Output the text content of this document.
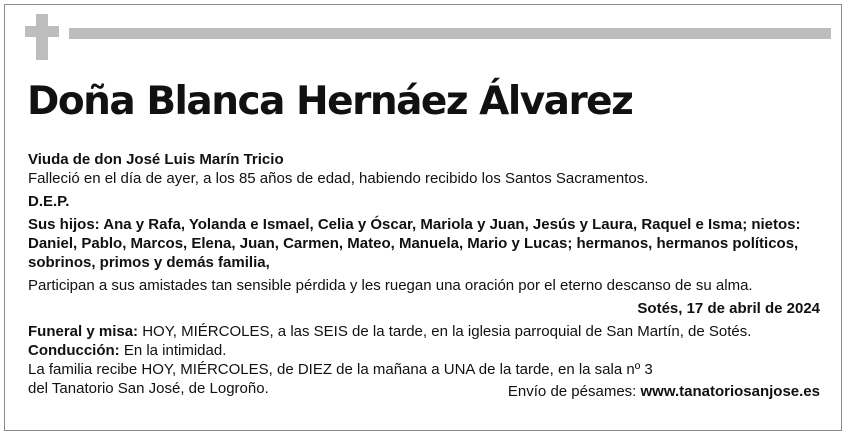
Doña Blanca Hernáez Álvarez

Viuda de don José Luis Marín Tricio

Falleció en el día de ayer, a los 85 años de edad, habiendo recibido los Santos Sacramentos.

D.E.P.

Sus hijos: Ana y Rafa, Yolanda e Ismael, Celia y Óscar, Mariola y Juan, Jesús y Laura, Raquel e Isma; nietos: Daniel, Pablo, Marcos, Elena, Juan, Carmen, Mateo, Manuela, Mario y Lucas; hermanos, hermanos políticos, sobrinos, primos y demás familia,

Participan a sus amistades tan sensible pérdida y les ruegan una oración por el eterno descanso de su alma.

Sotés, 17 de abril de 2024

Funeral y misa: HOY, MIÉRCOLES, a las SEIS de la tarde, en la iglesia parroquial de San Martín, de Sotés.

Conducción: En la intimidad.

La familia recibe HOY, MIÉRCOLES, de DIEZ de la mañana a UNA de la tarde, en la sala nº 3 del Tanatorio San José, de Logroño.	Envío de pésames: www.tanatoriosanjose.es
